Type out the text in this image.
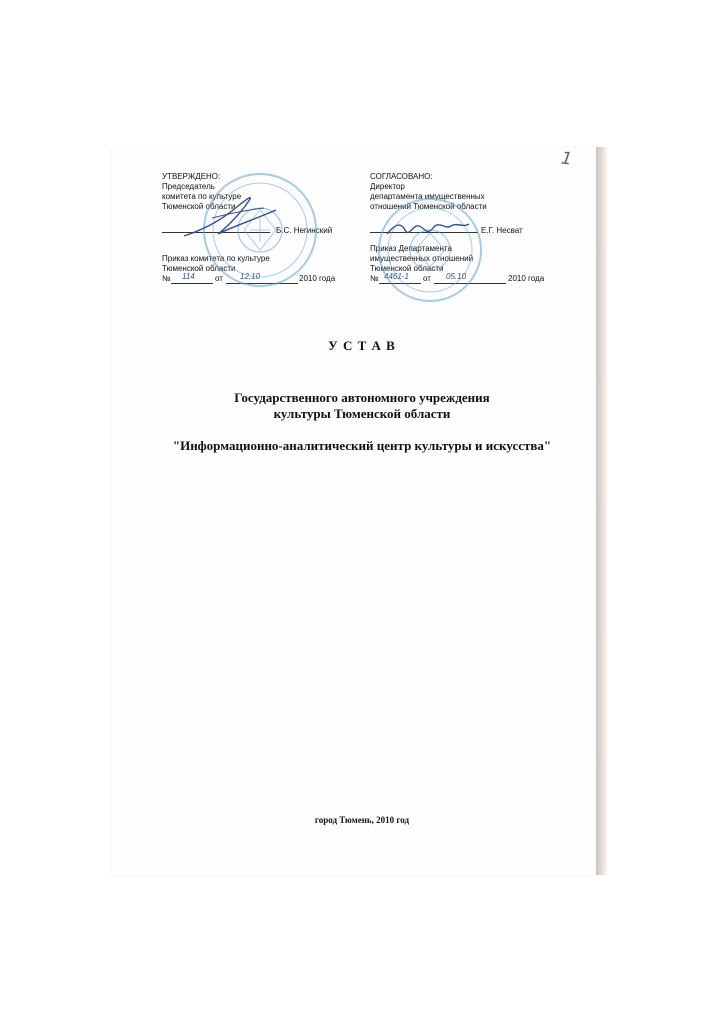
1
УТВЕРЖДЕНО:
Председатель
комитета по культуре
Тюменской области
Б.С. Негинский
Приказ комитета по культуре
Тюменской области
№ 114	от 12.10	2010 года
СОГЛАСОВАНО:
Директор
департамента имущественных
отношений Тюменской области
Е.Г. Несват
Приказ Департамента
имущественных отношений
Тюменской области
№ 4461-1 от 05.10	2010 года
У С Т А В
Государственного автономного учреждения
культуры Тюменской области
"Информационно-аналитический центр культуры и искусства"
город Тюмень, 2010 год
